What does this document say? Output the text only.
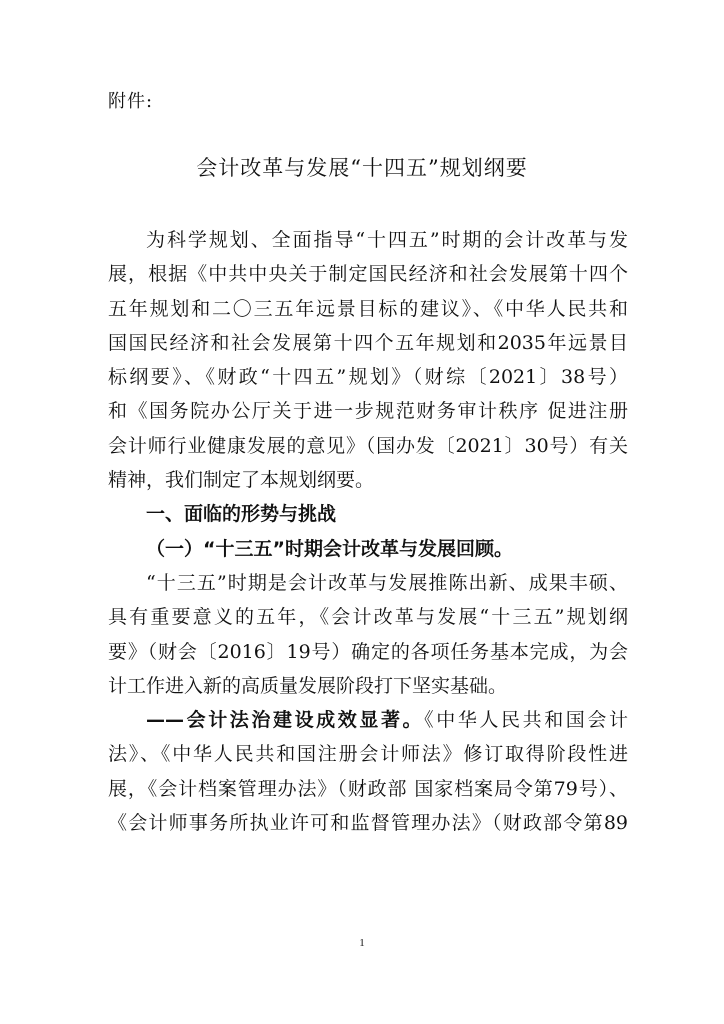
附件:
会计改革与发展“十四五”规划纲要
为科学规划、全面指导“十四五”时期的会计改革与发
展，根据《中共中央关于制定国民经济和社会发展第十四个
五年规划和二〇三五年远景目标的建议》、《中华人民共和
国国民经济和社会发展第十四个五年规划和2035年远景目
标纲要》、《财政“十四五”规划》（财综〔2021〕38号）
和《国务院办公厅关于进一步规范财务审计秩序 促进注册
会计师行业健康发展的意见》（国办发〔2021〕30号）有关
精神，我们制定了本规划纲要。
一、面临的形势与挑战
（一）“十三五”时期会计改革与发展回顾。
“十三五”时期是会计改革与发展推陈出新、成果丰硕、
具有重要意义的五年，《会计改革与发展“十三五”规划纲
要》（财会〔2016〕19号）确定的各项任务基本完成，为会
计工作进入新的高质量发展阶段打下坚实基础。
——会计法治建设成效显著。《中华人民共和国会计
法》、《中华人民共和国注册会计师法》修订取得阶段性进
展，《会计档案管理办法》（财政部 国家档案局令第79号）、
《会计师事务所执业许可和监督管理办法》（财政部令第89
1
